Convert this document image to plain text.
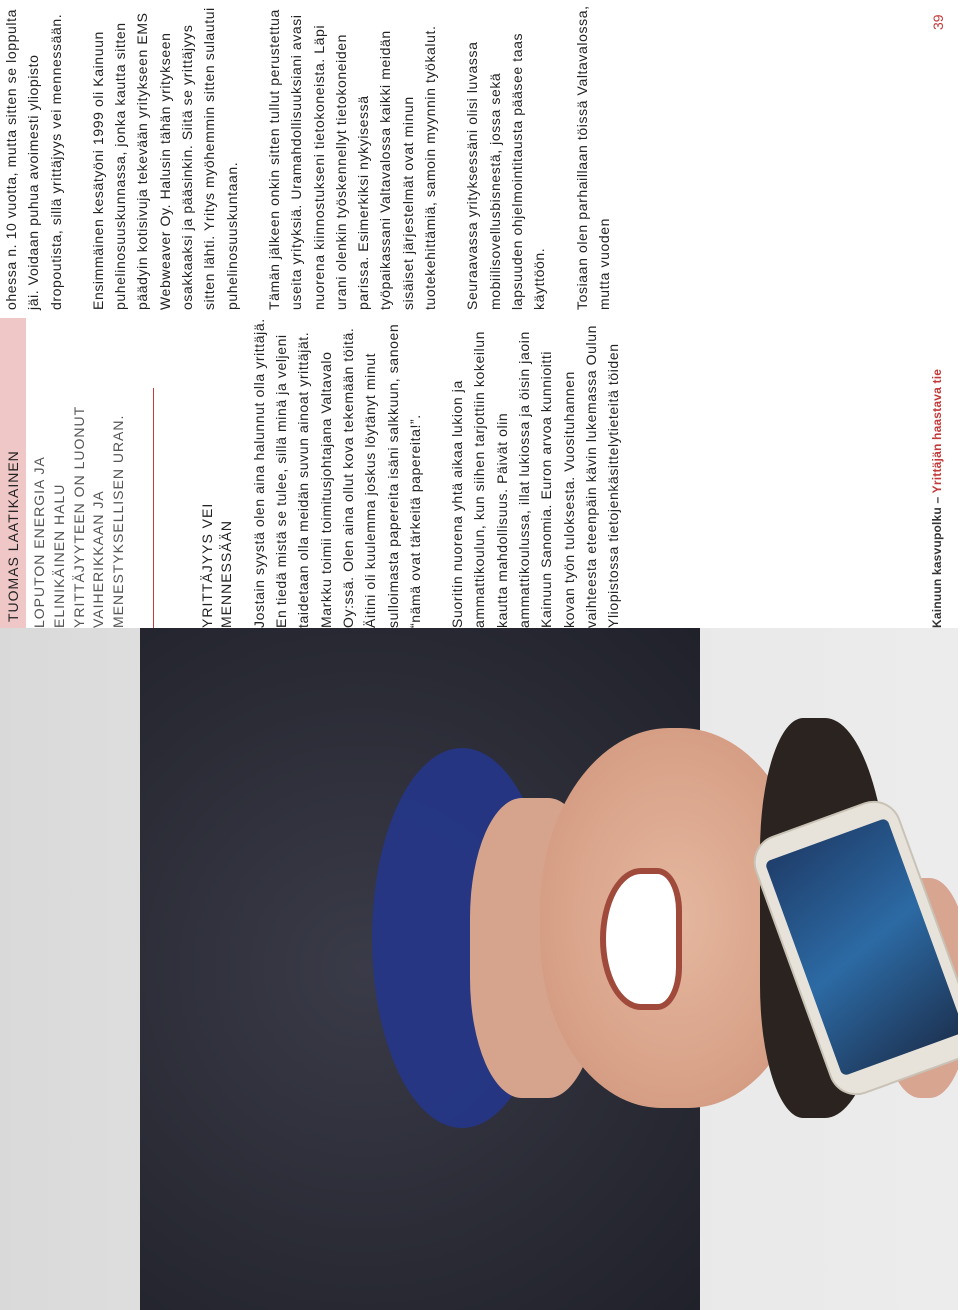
TUOMAS LAATIKAINEN LOPUTON ENERGIA JA ELINIKÄINEN HALU YRITTÄJYYTEEN ON LUONUT VAIHERIKKAAN JA MENESTYKSELLISEN URAN.	YRITTÄJYYS VEI MENNESSÄÄN Jostain syystä olen aina halunnut olla yrittäjä. En tiedä mistä se tulee, sillä minä ja veljeni taidetaan olla meidän suvun ainoat yrittäjät. Markku toimii toimitusjohtajana Valtavalo Oy:ssä. Olen aina ollut kova tekemään töitä. Äitini oli kuulemma joskus löytänyt minut sulloimasta papereita isäni salkkuun, sanoen “nämä ovat tärkeitä papereita!”. Suoritin nuorena yhtä aikaa lukion ja ammattikoulun, kun siihen tarjottiin kokeilun kautta mahdollisuus. Päivät olin ammattikoulussa, illat lukiossa ja öisin jaoin Kainuun Sanomia. Euron arvoa kunnioitti kovan työn tuloksesta. Vuosituhannen vaihteesta eteenpäin kävin lukemassa Oulun Yliopistossa tietojenkäsittelytieteitä töiden

ohessa n. 10 vuotta, mutta sitten se loppulta jäi. Voidaan puhua avoimesti yliopisto dropoutista, sillä yrittäjyys vei mennessään. Ensimmäinen kesätyöni 1999 oli Kainuun puhelinosuuskunnassa, jonka kautta sitten päädyin kotisivuja tekevään yritykseen EMS Webweaver Oy. Halusin tähän yritykseen osakkaaksi ja pääsinkin. Siitä se yrittäjyys sitten lähti. Yritys myöhemmin sitten sulautui puhelinosuuskuntaan. Tämän jälkeen onkin sitten tullut perustettua useita yrityksiä. Uramahdollisuuksiani avasi nuorena kiinnostukseni tietokoneista. Läpi urani olenkin työskennellyt tietokoneiden parissa. Esimerkiksi nykyisessä työpaikassani Valtavalossa kaikki meidän sisäiset järjestelmät ovat minun tuotekehittämiä, samoin myynnin työkalut. Seuraavassa yrityksessäni olisi luvassa mobiilisovellusbisnestä, jossa sekä lapsuuden ohjelmointitausta pääsee taas käyttöön. Tosiaan olen parhaillaan töissä Valtavalossa, mutta vuoden

Kainuun kasvupolku – Yrittäjän haastava tie
39
